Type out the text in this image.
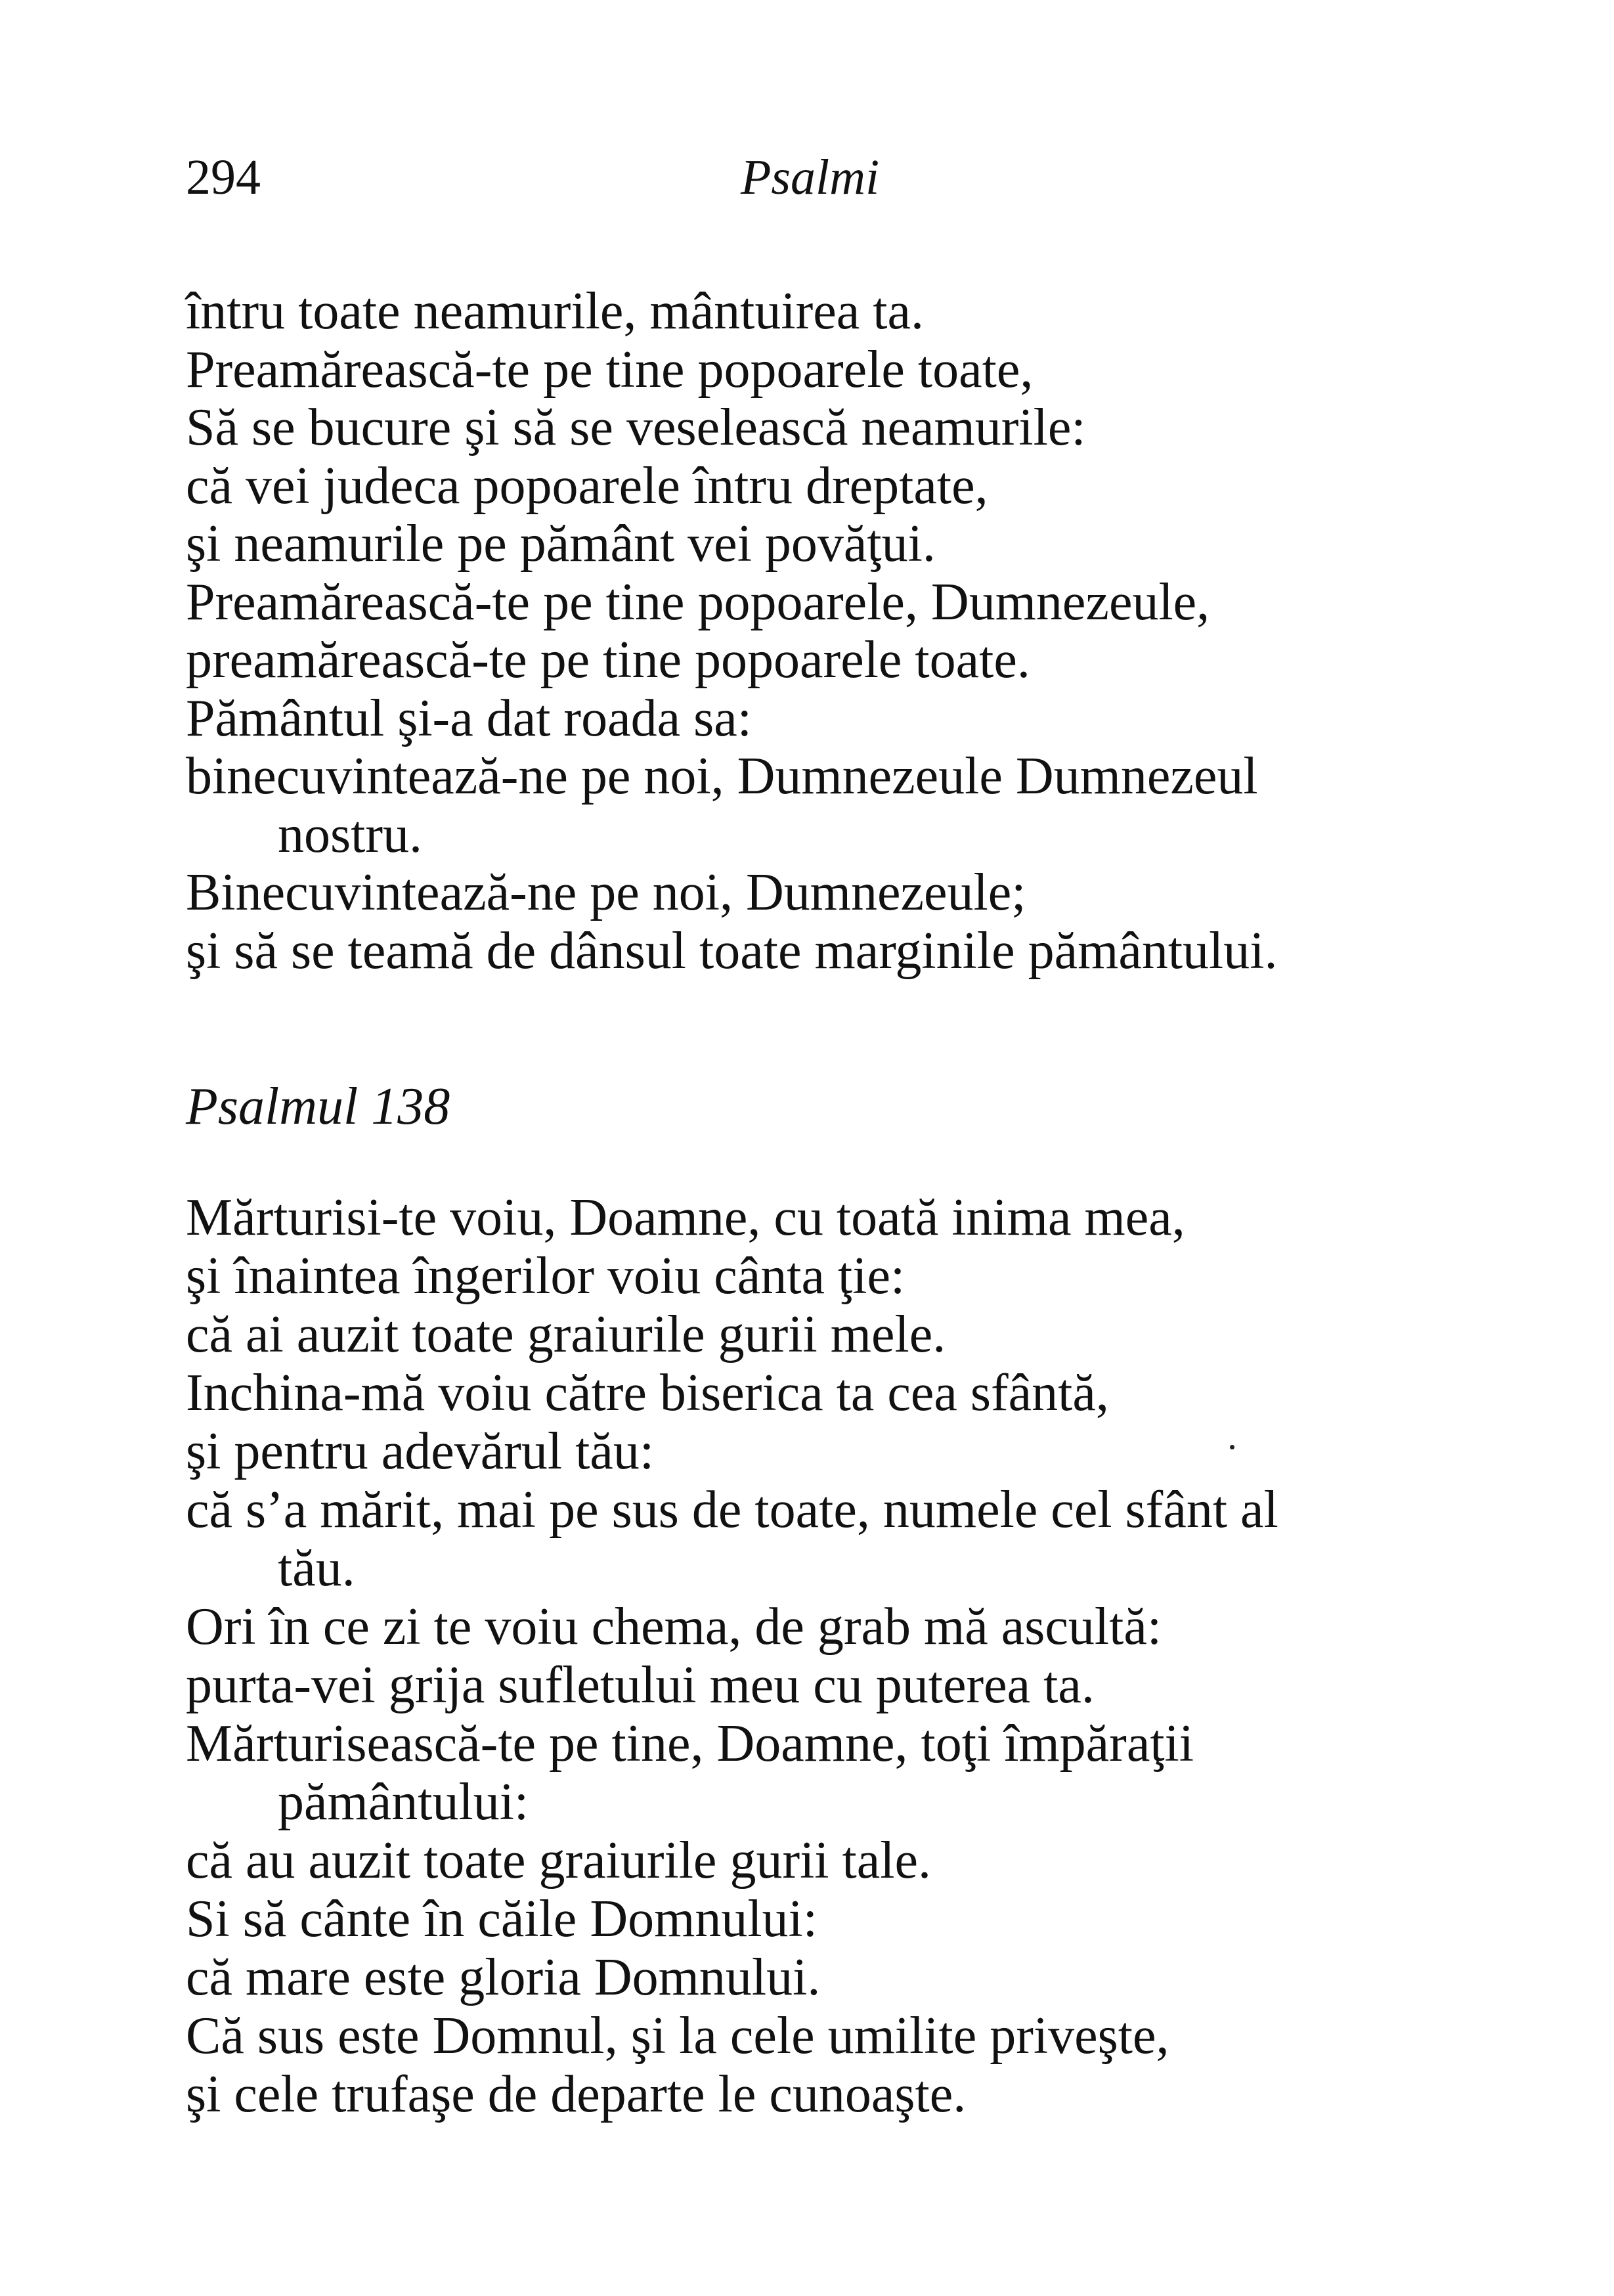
294	Psalmi
întru toate neamurile, mântuirea ta.
Preamărească-te pe tine popoarele toate,
Să se bucure şi să se veselească neamurile:
că vei judeca popoarele întru dreptate,
şi neamurile pe pământ vei povăţui.
Preamărească-te pe tine popoarele, Dumnezeule,
preamărească-te pe tine popoarele toate.
Pământul şi-a dat roada sa:
binecuvintează-ne pe noi, Dumnezeule Dumnezeul
nostru.
Binecuvintează-ne pe noi, Dumnezeule;
şi să se teamă de dânsul toate marginile pământului.
Psalmul 138
Mărturisi-te voiu, Doamne, cu toată inima mea,
şi înaintea îngerilor voiu cânta ţie:
că ai auzit toate graiurile gurii mele.
Inchina-mă voiu către biserica ta cea sfântă,
şi pentru adevărul tău:
că s’a mărit, mai pe sus de toate, numele cel sfânt al
tău.
Ori în ce zi te voiu chema, de grab mă ascultă:
purta-vei grija sufletului meu cu puterea ta.
Mărturisească-te pe tine, Doamne, toţi împăraţii
pământului:
că au auzit toate graiurile gurii tale.
Si să cânte în căile Domnului:
că mare este gloria Domnului.
Că sus este Domnul, şi la cele umilite priveşte,
şi cele trufaşe de departe le cunoaşte.
